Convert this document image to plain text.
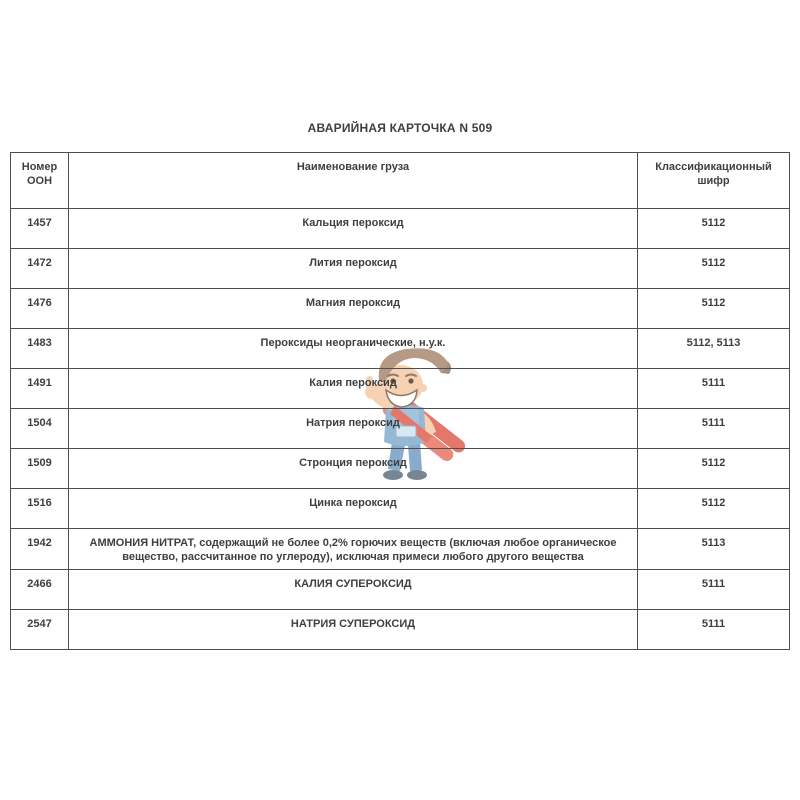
АВАРИЙНАЯ КАРТОЧКА N 509
Номер ООН	Наименование груза	Классификационный шифр
1457	Кальция пероксид	5112
1472	Лития пероксид	5112
1476	Магния пероксид	5112
1483	Пероксиды неорганические, н.у.к.	5112, 5113
1491	Калия пероксид	5111
1504	Натрия пероксид	5111
1509	Стронция пероксид	5112
1516	Цинка пероксид	5112
1942	АММОНИЯ НИТРАТ, содержащий не более 0,2% горючих веществ (включая любое органическое вещество, рассчитанное по углероду), исключая примеси любого другого вещества	5113
2466	КАЛИЯ СУПЕРОКСИД	5111
2547	НАТРИЯ СУПЕРОКСИД	5111
